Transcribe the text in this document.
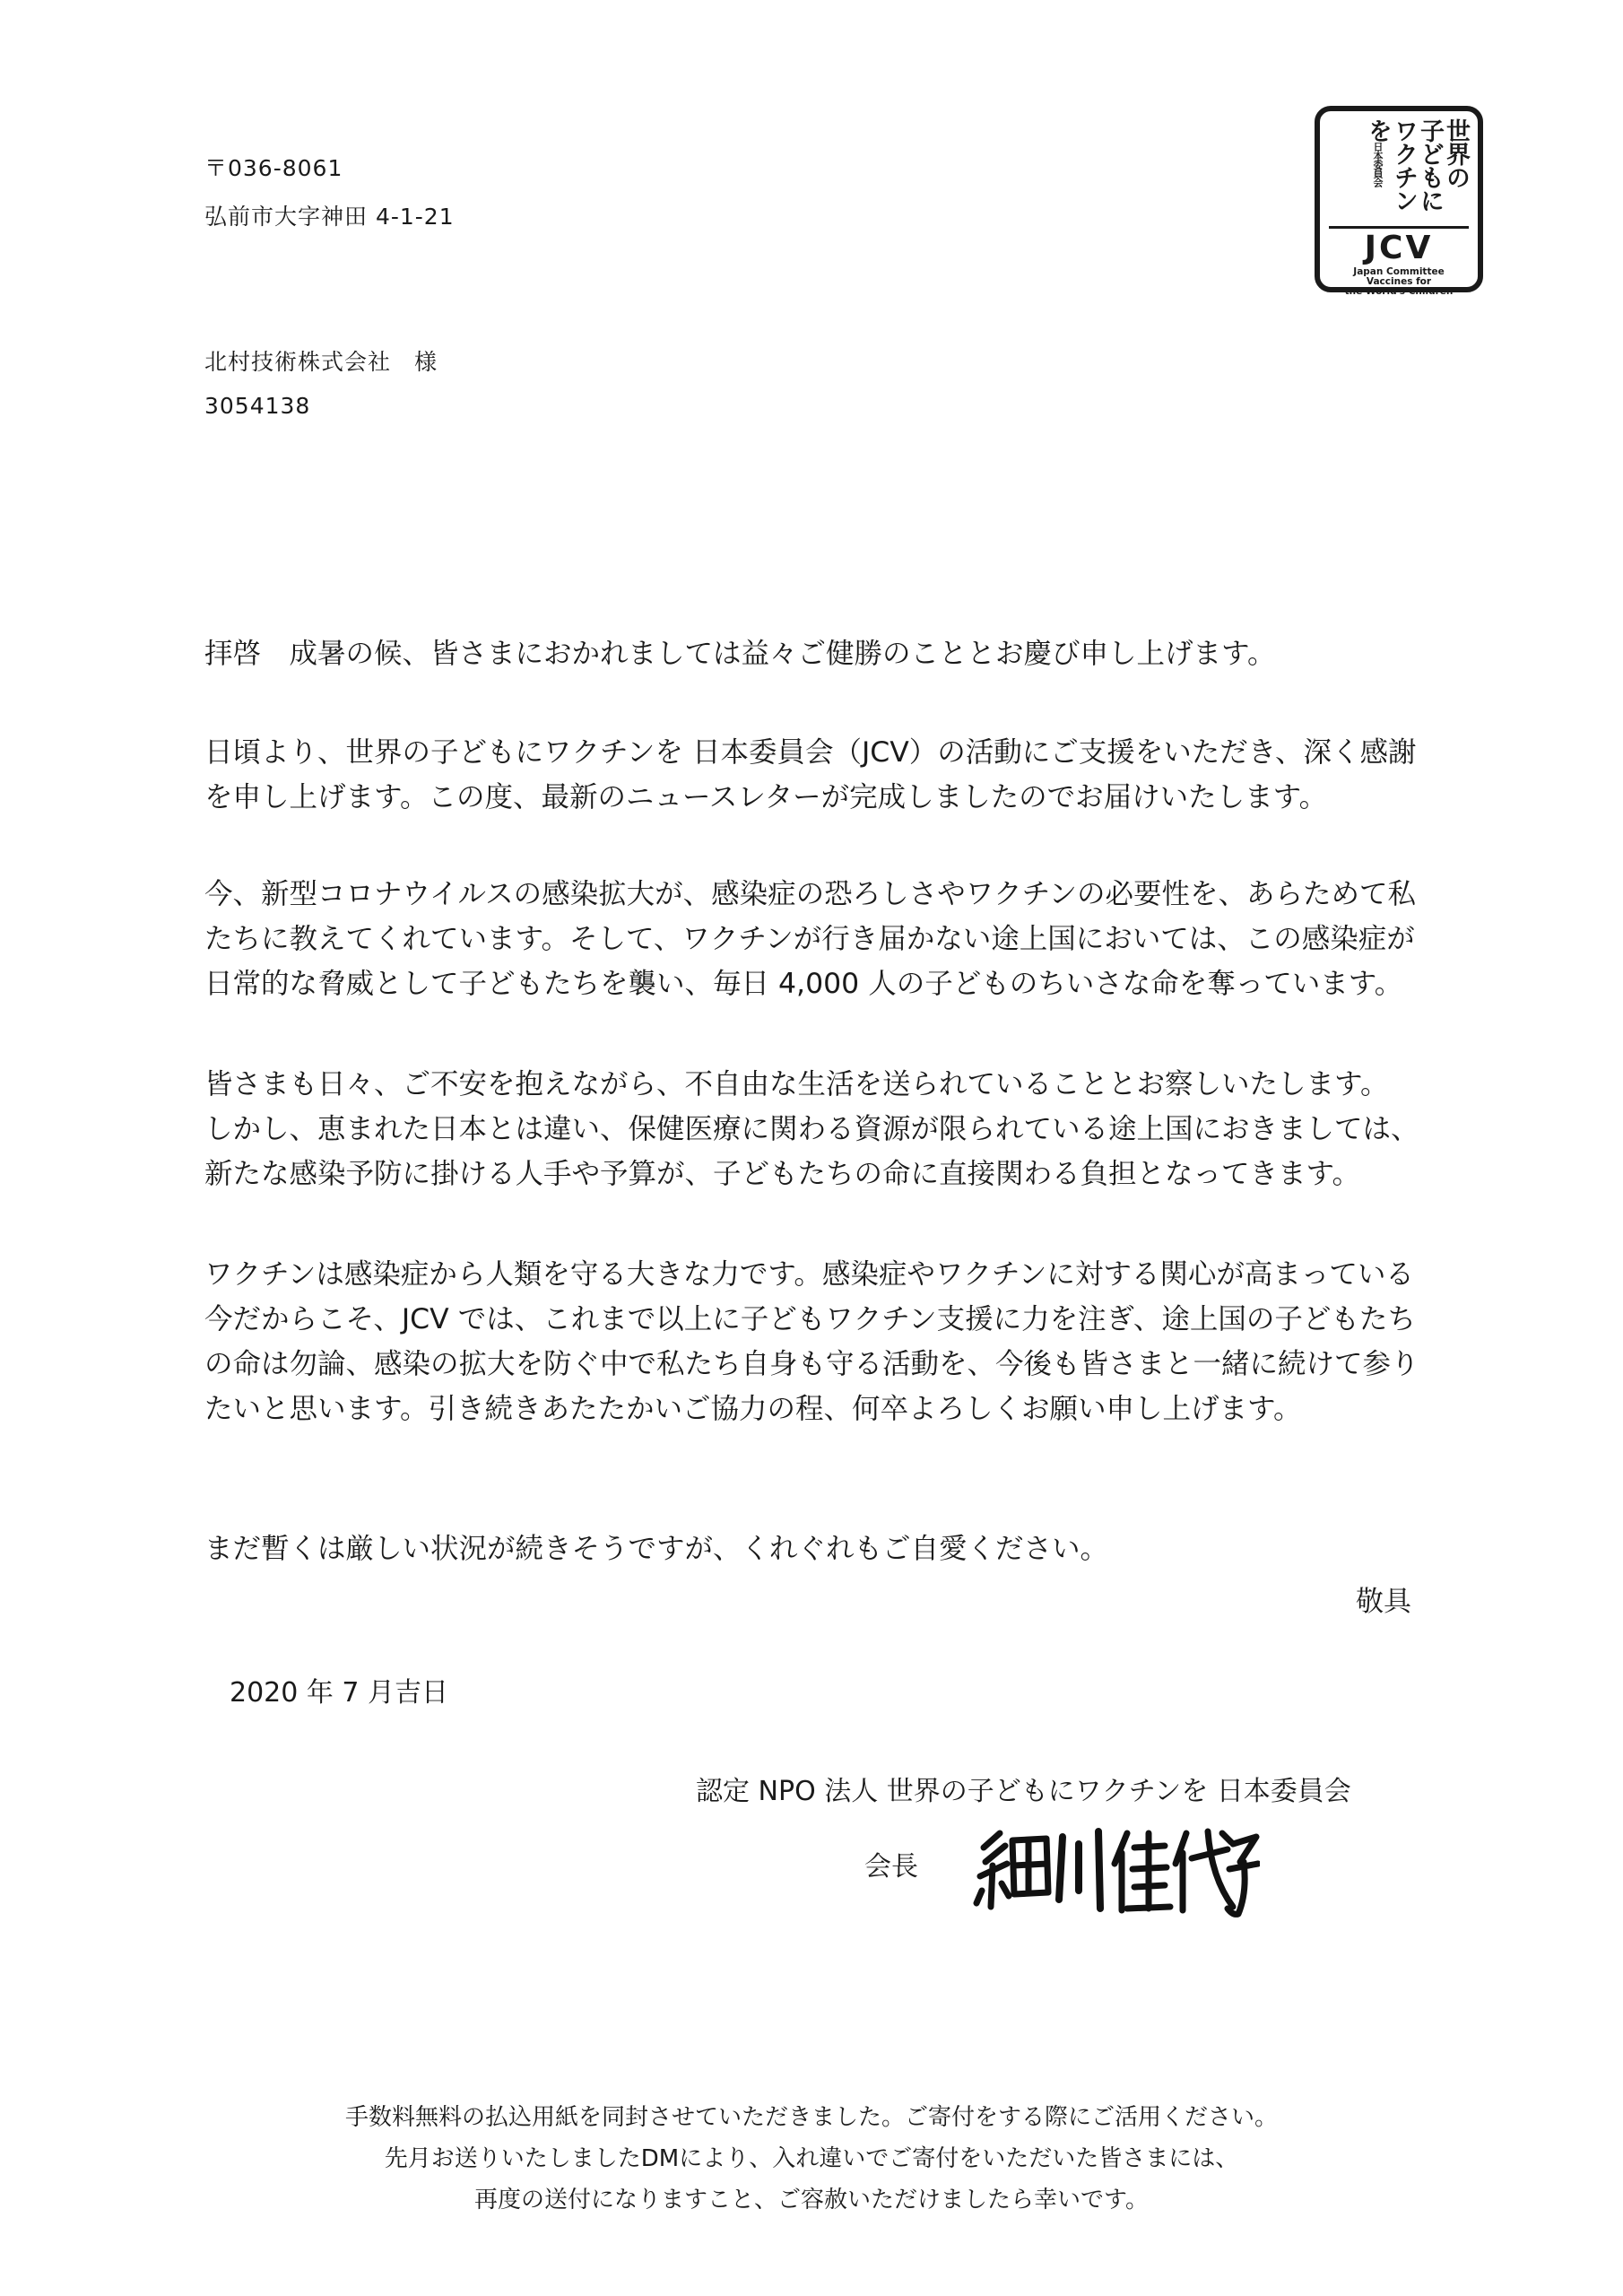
〒036-8061
弘前市大字神田 4-1-21
世界の
子どもに
ワクチン
を日本委員会
JCV
Japan Committee
Vaccines for
the World's Children
北村技術株式会社　様
3054138
拝啓　成暑の候、皆さまにおかれましては益々ご健勝のこととお慶び申し上げます。
日頃より、世界の子どもにワクチンを 日本委員会（JCV）の活動にご支援をいただき、深く感謝
を申し上げます。この度、最新のニュースレターが完成しましたのでお届けいたします。
今、新型コロナウイルスの感染拡大が、感染症の恐ろしさやワクチンの必要性を、あらためて私
たちに教えてくれています。そして、ワクチンが行き届かない途上国においては、この感染症が
日常的な脅威として子どもたちを襲い、毎日 4,000 人の子どものちいさな命を奪っています。
皆さまも日々、ご不安を抱えながら、不自由な生活を送られていることとお察しいたします。
しかし、恵まれた日本とは違い、保健医療に関わる資源が限られている途上国におきましては、
新たな感染予防に掛ける人手や予算が、子どもたちの命に直接関わる負担となってきます。
ワクチンは感染症から人類を守る大きな力です。感染症やワクチンに対する関心が高まっている
今だからこそ、JCV では、これまで以上に子どもワクチン支援に力を注ぎ、途上国の子どもたち
の命は勿論、感染の拡大を防ぐ中で私たち自身も守る活動を、今後も皆さまと一緒に続けて参り
たいと思います。引き続きあたたかいご協力の程、何卒よろしくお願い申し上げます。
まだ暫くは厳しい状況が続きそうですが、くれぐれもご自愛ください。
敬具
2020 年 7 月吉日
認定 NPO 法人 世界の子どもにワクチンを 日本委員会
会長
手数料無料の払込用紙を同封させていただきました。ご寄付をする際にご活用ください。
先月お送りいたしましたDMにより、入れ違いでご寄付をいただいた皆さまには、
再度の送付になりますこと、ご容赦いただけましたら幸いです。
